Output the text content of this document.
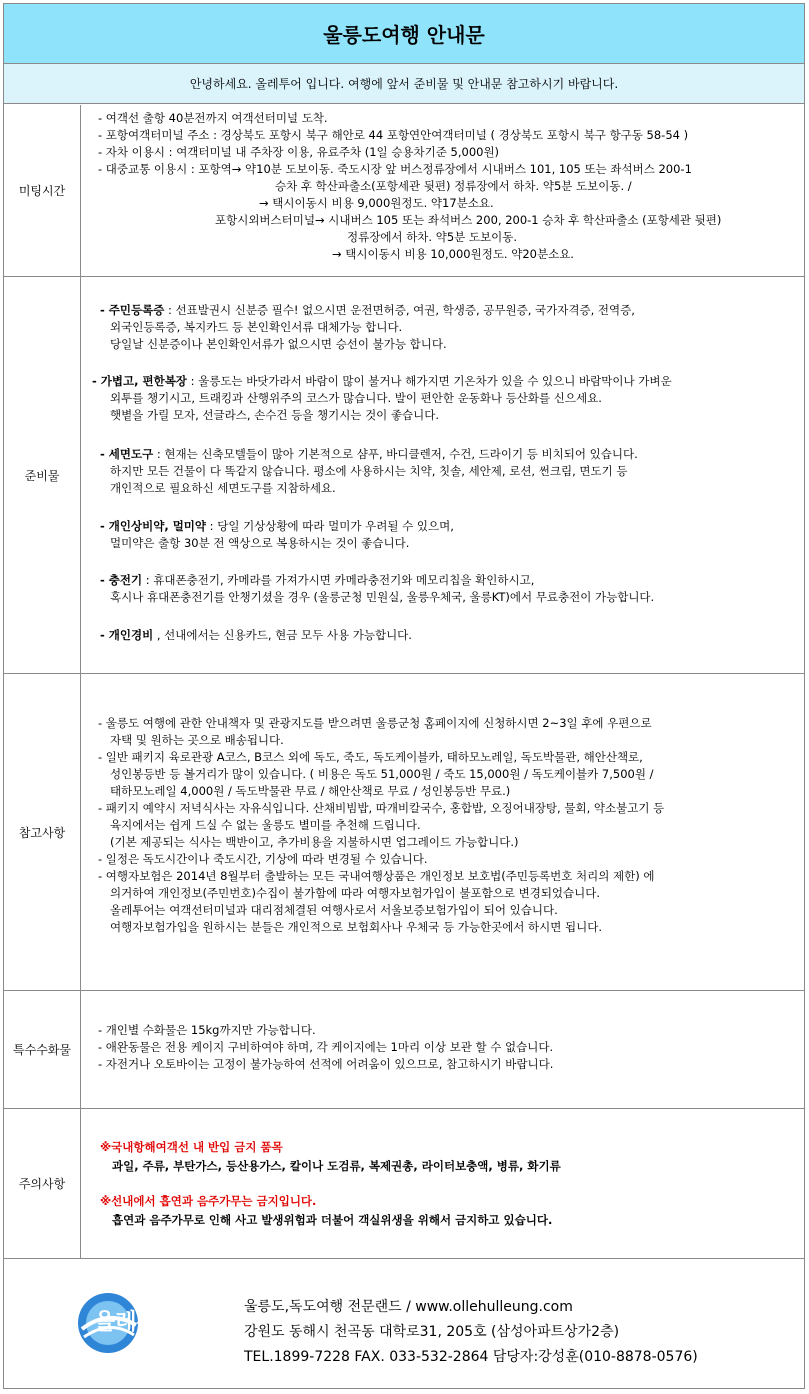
울릉도여행 안내문
안녕하세요. 올레투어 입니다. 여행에 앞서 준비물 및 안내문 참고하시기 바랍니다.
미팅시간
- 여객선 출항 40분전까지 여객선터미널 도착.
- 포항여객터미널 주소 : 경상북도 포항시 북구 해안로 44 포항연안여객터미널 ( 경상북도 포항시 북구 항구동 58-54 )
- 자차 이용시 : 여객터미널 내 주차장 이용, 유료주차 (1일 승용차기준 5,000원)
- 대중교통 이용시 : 포항역→ 약10분 도보이동. 죽도시장 앞 버스정류장에서 시내버스 101, 105 또는 좌석버스 200-1
승차 후 학산파출소(포항세관 뒷편) 정류장에서 하차. 약5분 도보이동. /
→ 택시이동시 비용 9,000원정도. 약17분소요.
포항시외버스터미널→ 시내버스 105 또는 좌석버스 200, 200-1 승차 후 학산파출소 (포항세관 뒷편)
정류장에서 하차. 약5분 도보이동.
→ 택시이동시 비용 10,000원정도. 약20분소요.
준비물
- 주민등록증 : 선표발권시 신분증 필수! 없으시면 운전면허증, 여권, 학생증, 공무원증, 국가자격증, 전역증,
외국인등록증, 복지카드 등 본인확인서류 대체가능 합니다.
당일날 신분증이나 본인확인서류가 없으시면 승선이 불가능 합니다.
- 가볍고, 편한복장 : 울릉도는 바닷가라서 바람이 많이 불거나 해가지면 기온차가 있을 수 있으니 바람막이나 가벼운
외투를 챙기시고, 트래킹과 산행위주의 코스가 많습니다. 발이 편안한 운동화나 등산화를 신으세요.
햇볕을 가릴 모자, 선글라스, 손수건 등을 챙기시는 것이 좋습니다.
- 세면도구 : 현재는 신축모텔들이 많아 기본적으로 샴푸, 바디클렌저, 수건, 드라이기 등 비치되어 있습니다.
하지만 모든 건물이 다 똑같지 않습니다. 평소에 사용하시는 치약, 칫솔, 세안제, 로션, 썬크림, 면도기 등
개인적으로 필요하신 세면도구를 지참하세요.
- 개인상비약, 멀미약 : 당일 기상상황에 따라 멀미가 우려될 수 있으며,
멀미약은 출항 30분 전 액상으로 복용하시는 것이 좋습니다.
- 충전기 : 휴대폰충전기, 카메라를 가져가시면 카메라충전기와 메모리칩을 확인하시고,
혹시나 휴대폰충전기를 안챙기셨을 경우 (울릉군청 민원실, 울릉우체국, 울릉KT)에서 무료충전이 가능합니다.
- 개인경비 , 선내에서는 신용카드, 현금 모두 사용 가능합니다.
참고사항
- 울릉도 여행에 관한 안내책자 및 관광지도를 받으려면 울릉군청 홈페이지에 신청하시면 2~3일 후에 우편으로
자택 및 원하는 곳으로 배송됩니다.
- 일반 패키지 육로관광 A코스, B코스 외에 독도, 죽도, 독도케이블카, 태하모노레일, 독도박물관, 해안산책로,
성인봉등반 등 볼거리가 많이 있습니다. ( 비용은 독도 51,000원 / 죽도 15,000원 / 독도케이블카 7,500원 /
태하모노레일 4,000원 / 독도박물관 무료 / 해안산책로 무료 / 성인봉등반 무료.)
- 패키지 예약시 저녁식사는 자유식입니다. 산채비빔밥, 따개비칼국수, 홍합밥, 오징어내장탕, 물회, 약소불고기 등
육지에서는 쉽게 드실 수 없는 울릉도 별미를 추천해 드립니다.
(기본 제공되는 식사는 백반이고, 추가비용을 지불하시면 업그레이드 가능합니다.)
- 일정은 독도시간이나 죽도시간, 기상에 따라 변경될 수 있습니다.
- 여행자보험은 2014년 8월부터 출발하는 모든 국내여행상품은 개인정보 보호법(주민등록번호 처리의 제한) 에
의거하여 개인정보(주민번호)수집이 불가함에 따라 여행자보험가입이 불포함으로 변경되었습니다.
올레투어는 여객선터미널과 대리점체결된 여행사로서 서울보증보험가입이 되어 있습니다.
여행자보험가입을 원하시는 분들은 개인적으로 보험회사나 우체국 등 가능한곳에서 하시면 됩니다.
특수수화물
- 개인별 수화물은 15kg까지만 가능합니다.
- 애완동물은 전용 케이지 구비하여야 하며, 각 케이지에는 1마리 이상 보관 할 수 없습니다.
- 자전거나 오토바이는 고정이 불가능하여 선적에 어려움이 있으므로, 참고하시기 바랍니다.
주의사항
※국내항해여객선 내 반입 금지 품목
과일, 주류, 부탄가스, 등산용가스, 칼이나 도검류, 복제권총, 라이터보충액, 병류, 화기류
※선내에서 흡연과 음주가무는 금지입니다.
흡연과 음주가무로 인해 사고 발생위험과 더불어 객실위생을 위해서 금지하고 있습니다.
올레투어
울릉도,독도여행 전문랜드 / www.ollehulleung.com
강원도 동해시 천곡동 대학로31, 205호 (삼성아파트상가2층)
TEL.1899-7228 FAX. 033-532-2864 담당자:강성훈(010-8878-0576)
